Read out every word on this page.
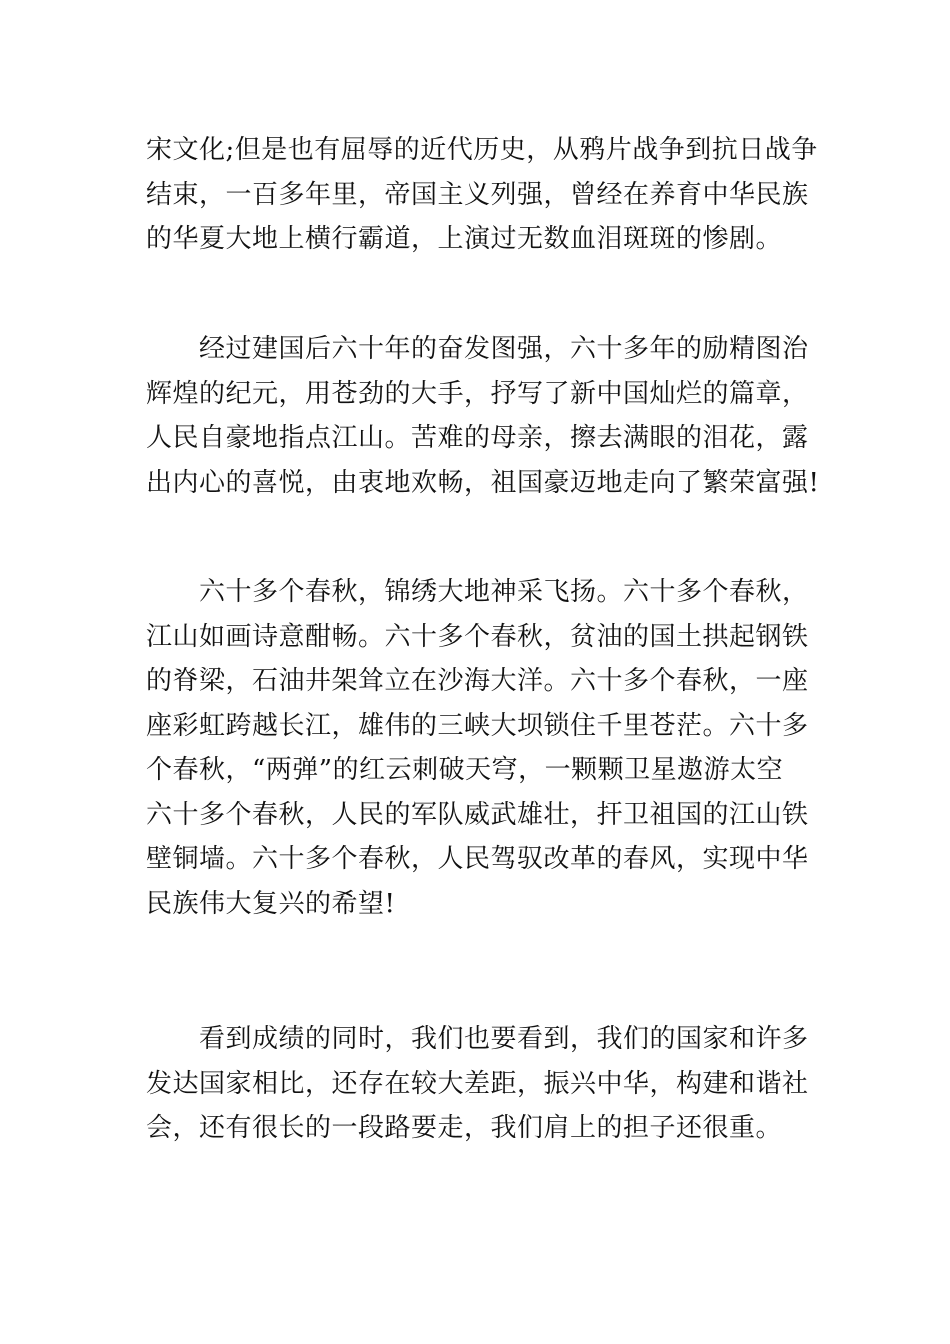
宋文化;但是也有屈辱的近代历史，从鸦片战争到抗日战争
结束，一百多年里，帝国主义列强，曾经在养育中华民族
的华夏大地上横行霸道，上演过无数血泪斑斑的惨剧。

经过建国后六十年的奋发图强，六十多年的励精图治
辉煌的纪元，用苍劲的大手，抒写了新中国灿烂的篇章，
人民自豪地指点江山。苦难的母亲，擦去满眼的泪花，露
出内心的喜悦，由衷地欢畅，祖国豪迈地走向了繁荣富强!

六十多个春秋，锦绣大地神采飞扬。六十多个春秋，
江山如画诗意酣畅。六十多个春秋，贫油的国土拱起钢铁
的脊梁，石油井架耸立在沙海大洋。六十多个春秋，一座
座彩虹跨越长江，雄伟的三峡大坝锁住千里苍茫。六十多
个春秋，“两弹”的红云刺破天穹，一颗颗卫星遨游太空
六十多个春秋，人民的军队威武雄壮，扞卫祖国的江山铁
壁铜墙。六十多个春秋，人民驾驭改革的春风，实现中华
民族伟大复兴的希望!

看到成绩的同时，我们也要看到，我们的国家和许多
发达国家相比，还存在较大差距，振兴中华，构建和谐社
会，还有很长的一段路要走，我们肩上的担子还很重。
